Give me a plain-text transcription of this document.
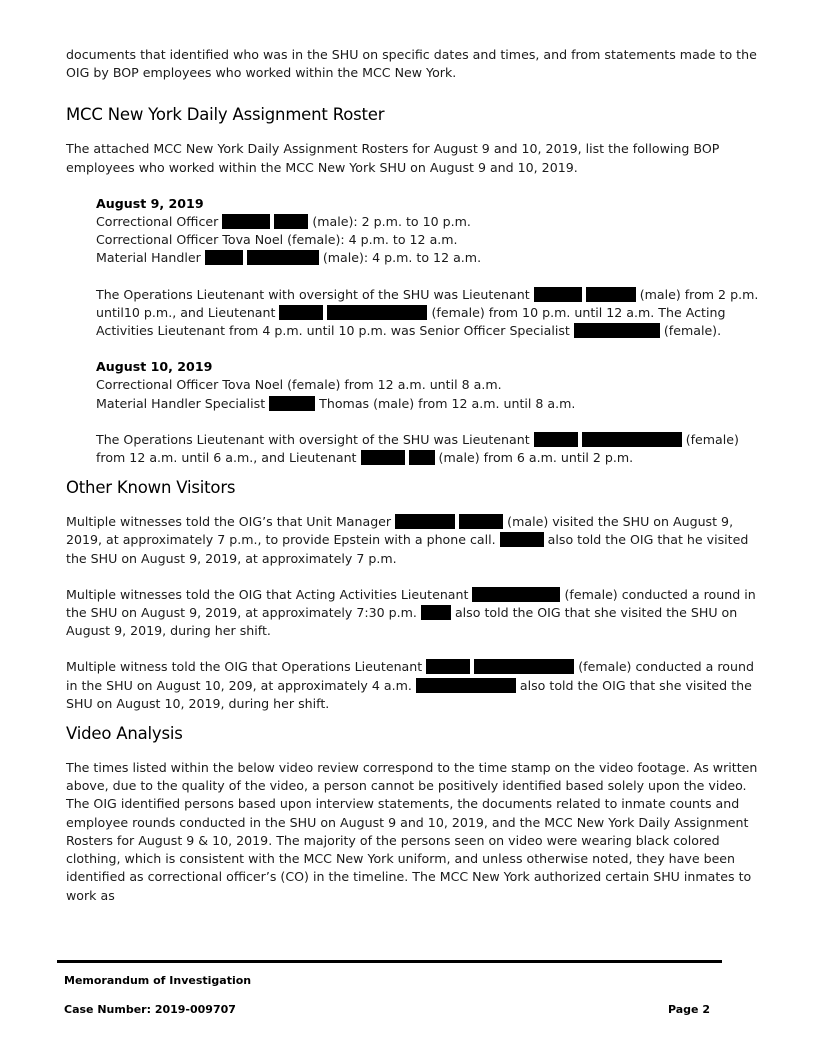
documents that identified who was in the SHU on specific dates and times, and from statements made to the OIG by BOP employees who worked within the MCC New York.

MCC New York Daily Assignment Roster

The attached MCC New York Daily Assignment Rosters for August 9 and 10, 2019, list the following BOP employees who worked within the MCC New York SHU on August 9 and 10, 2019.

August 9, 2019
Correctional Officer	(male): 2 p.m. to 10 p.m.
Correctional Officer Tova Noel (female): 4 p.m. to 12 a.m.
Material Handler	(male): 4 p.m. to 12 a.m.

The Operations Lieutenant with oversight of the SHU was Lieutenant	(male) from 2 p.m. until10 p.m., and Lieutenant	(female) from 10 p.m. until 12 a.m. The Acting Activities Lieutenant from 4 p.m. until 10 p.m. was Senior Officer Specialist	(female).

August 10, 2019
Correctional Officer Tova Noel (female) from 12 a.m. until 8 a.m.
Material Handler Specialist	Thomas (male) from 12 a.m. until 8 a.m.

The Operations Lieutenant with oversight of the SHU was Lieutenant	(female) from 12 a.m. until 6 a.m., and Lieutenant	(male) from 6 a.m. until 2 p.m.

Other Known Visitors

Multiple witnesses told the OIG’s that Unit Manager	(male) visited the SHU on August 9, 2019, at approximately 7 p.m., to provide Epstein with a phone call.	also told the OIG that he visited the SHU on August 9, 2019, at approximately 7 p.m.

Multiple witnesses told the OIG that Acting Activities Lieutenant	(female) conducted a round in the SHU on August 9, 2019, at approximately 7:30 p.m.	also told the OIG that she visited the SHU on August 9, 2019, during her shift.

Multiple witness told the OIG that Operations Lieutenant	(female) conducted a round in the SHU on August 10, 209, at approximately 4 a.m.	also told the OIG that she visited the SHU on August 10, 2019, during her shift.

Video Analysis

The times listed within the below video review correspond to the time stamp on the video footage. As written above, due to the quality of the video, a person cannot be positively identified based solely upon the video. The OIG identified persons based upon interview statements, the documents related to inmate counts and employee rounds conducted in the SHU on August 9 and 10, 2019, and the MCC New York Daily Assignment Rosters for August 9 & 10, 2019. The majority of the persons seen on video were wearing black colored clothing, which is consistent with the MCC New York uniform, and unless otherwise noted, they have been identified as correctional officer’s (CO) in the timeline. The MCC New York authorized certain SHU inmates to work as

Memorandum of Investigation
Case Number: 2019-009707	Page 2
